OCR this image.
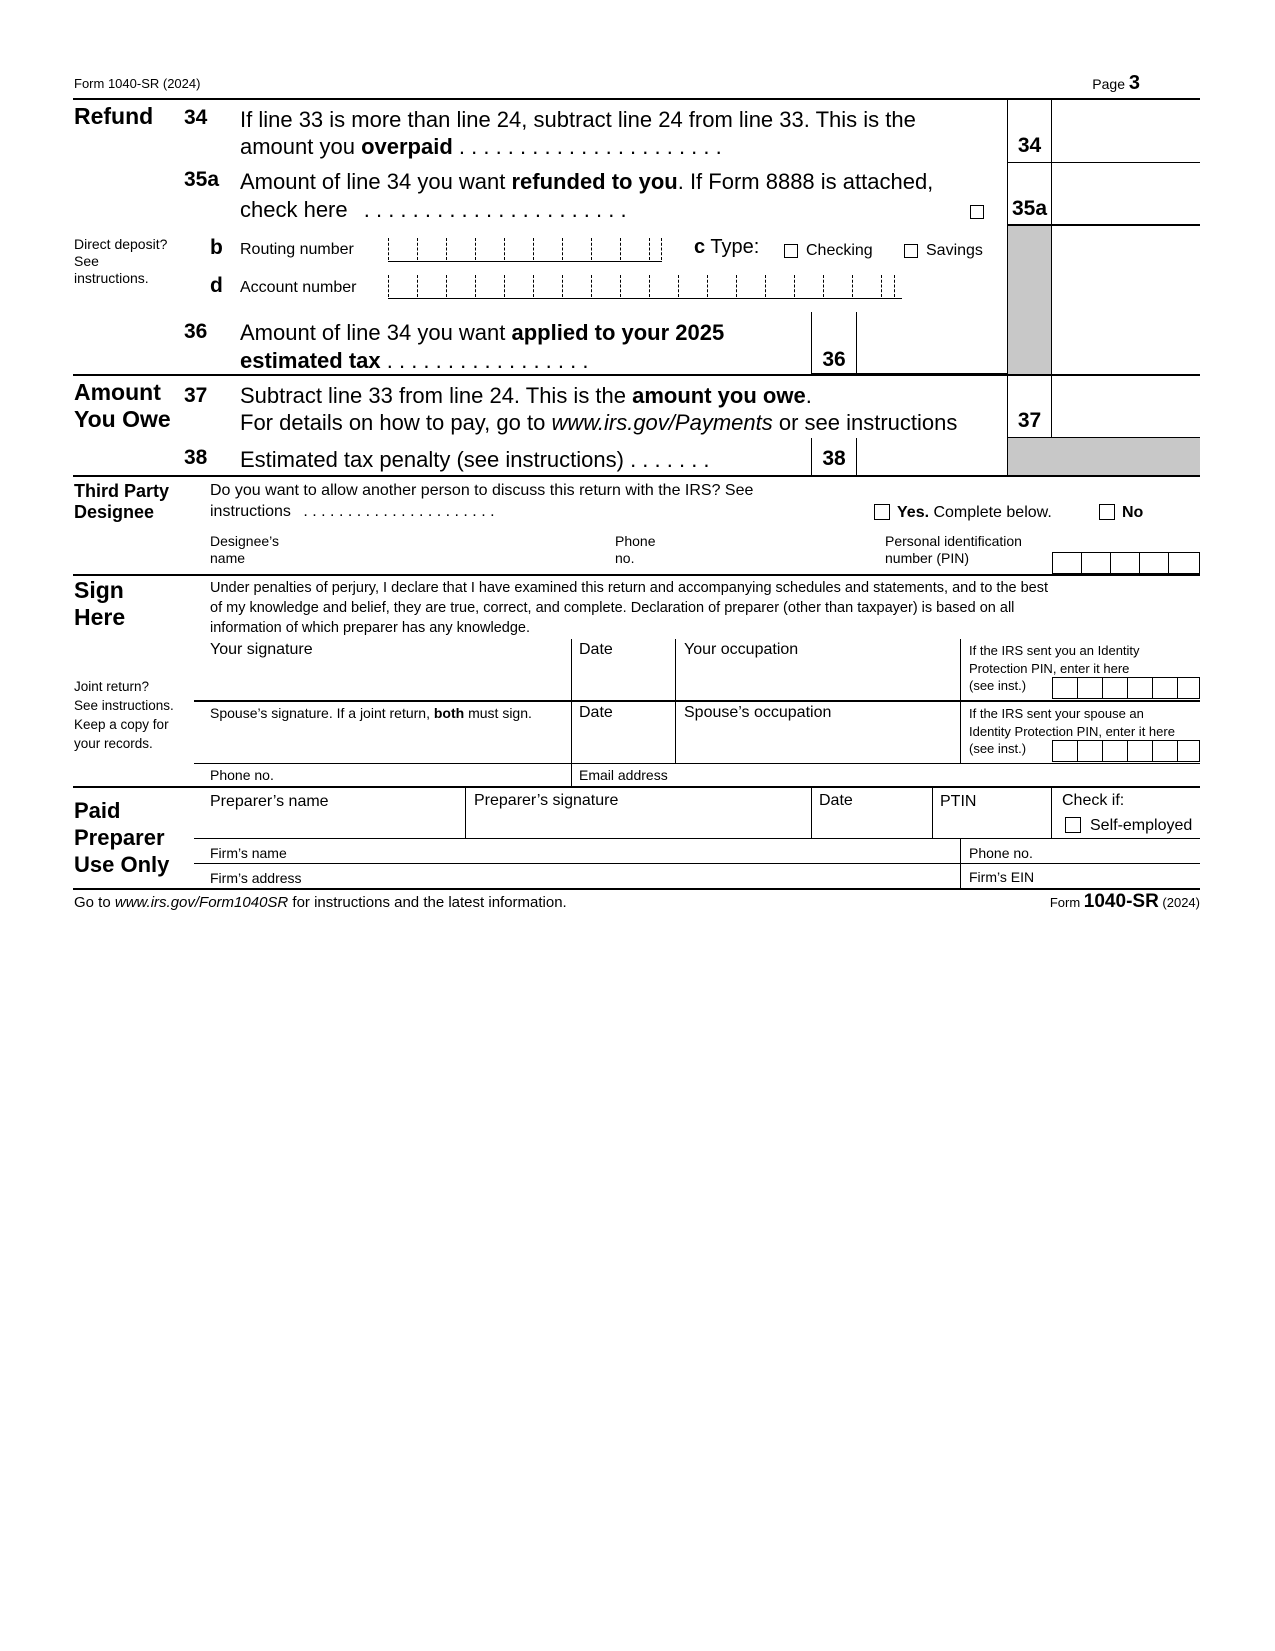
Form 1040-SR (2024)	Page 3
Refund 34 If line 33 is more than line 24, subtract line 24 from line 33. This is the
amount you overpaid . . . . . . . . . . . . . . . . . . . . . .	34
35a Amount of line 34 you want refunded to you. If Form 8888 is attached,
check here . . . . . . . . . . . . . . . . . . . . . .	35a
Direct deposit?
See
instructions.
b Routing number	c Type:	Checking	Savings
d Account number
36 Amount of line 34 you want applied to your 2025
estimated tax . . . . . . . . . . . . . . . . .	36
Amount
You Owe
37 Subtract line 33 from line 24. This is the amount you owe.
For details on how to pay, go to www.irs.gov/Payments or see instructions	37
38 Estimated tax penalty (see instructions) . . . . . . .	38
Third Party
Designee
Do you want to allow another person to discuss this return with the IRS? See
instructions . . . . . . . . . . . . . . . . . . . . . .	Yes. Complete below.	No
Designee’s
name
Phone
no.
Personal identification
number (PIN)
Sign
Here
Under penalties of perjury, I declare that I have examined this return and accompanying schedules and statements, and to the best
of my knowledge and belief, they are true, correct, and complete. Declaration of preparer (other than taxpayer) is based on all
information of which preparer has any knowledge.
Joint return?
See instructions.
Keep a copy for
your records.
Your signature	Date	Your occupation	If the IRS sent you an Identity
Protection PIN, enter it here
(see inst.)
Spouse’s signature. If a joint return, both must sign.	Date	Spouse’s occupation	If the IRS sent your spouse an
Identity Protection PIN, enter it here
(see inst.)
Phone no.	Email address
Paid
Preparer
Use Only
Preparer’s name	Preparer’s signature	Date	PTIN	Check if:
Self-employed
Firm’s name	Phone no.
Firm’s address	Firm’s EIN
Go to www.irs.gov/Form1040SR for instructions and the latest information.	Form 1040-SR (2024)
